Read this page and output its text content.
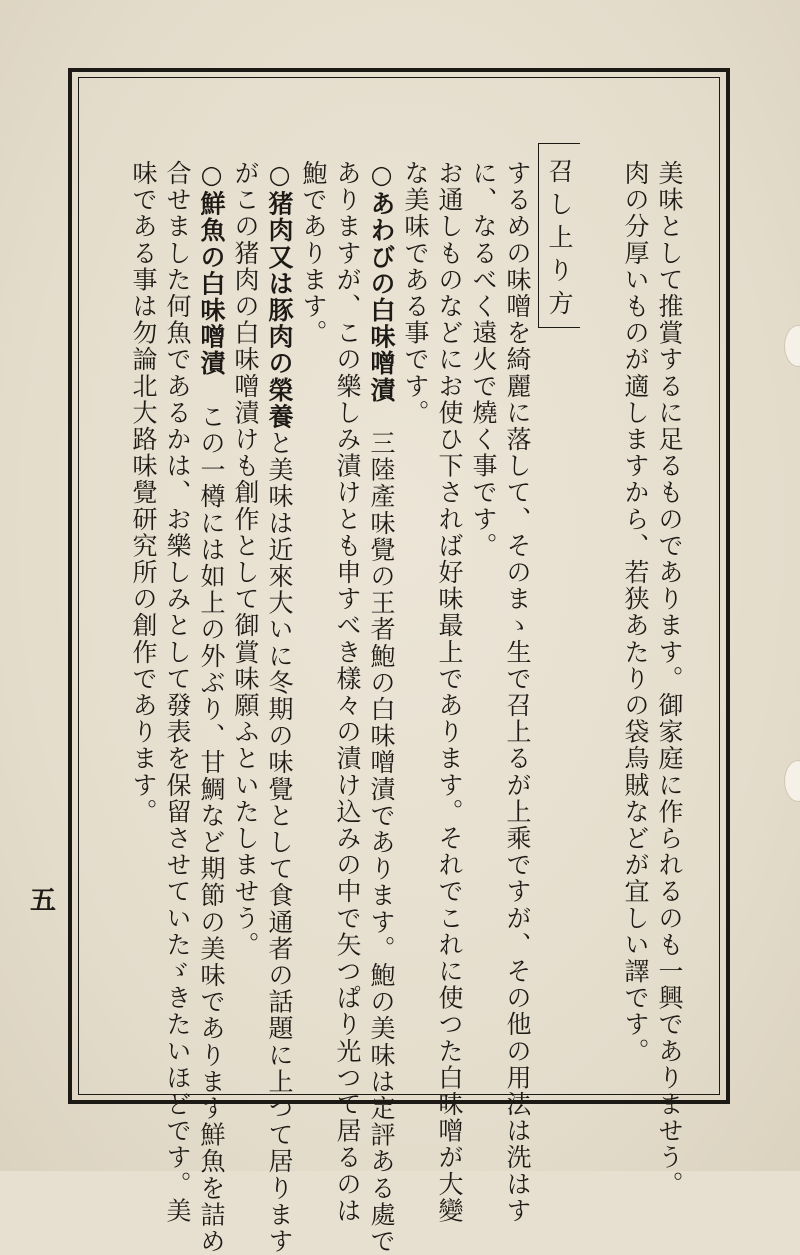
美味として推賞するに足るものであります。御家庭に作られるのも一興でありませう。
肉の分厚いものが適しますから、若狭あたりの袋烏賊などが宜しい譯です。
召し上り方
するめの味噌を綺麗に落して、そのまゝ生で召上るが上乘ですが、その他の用法は洗はす
に、なるべく遠火で燒く事です。
お通しものなどにお使ひ下されば好味最上であります。それでこれに使つた白味噌が大變
な美味である事です。
○あわびの白味噌漬　三陸產味覺の王者鮑の白味噌漬であります。鮑の美味は定評ある處で
ありますが、この樂しみ漬けとも申すべき樣々の漬け込みの中で矢つぱり光つて居るのは
鮑であります。
○猪肉又は豚肉の榮養と美味は近來大いに冬期の味覺として食通者の話題に上つて居ります
がこの猪肉の白味噌漬けも創作として御賞味願ふといたしませう。
○鮮魚の白味噌漬　この一樽には如上の外ぶり、甘鯛など期節の美味であります鮮魚を詰め
合せました何魚であるかは、お樂しみとして發表を保留させていたゞきたいほどです。美
味である事は勿論北大路味覺研究所の創作であります。
五
